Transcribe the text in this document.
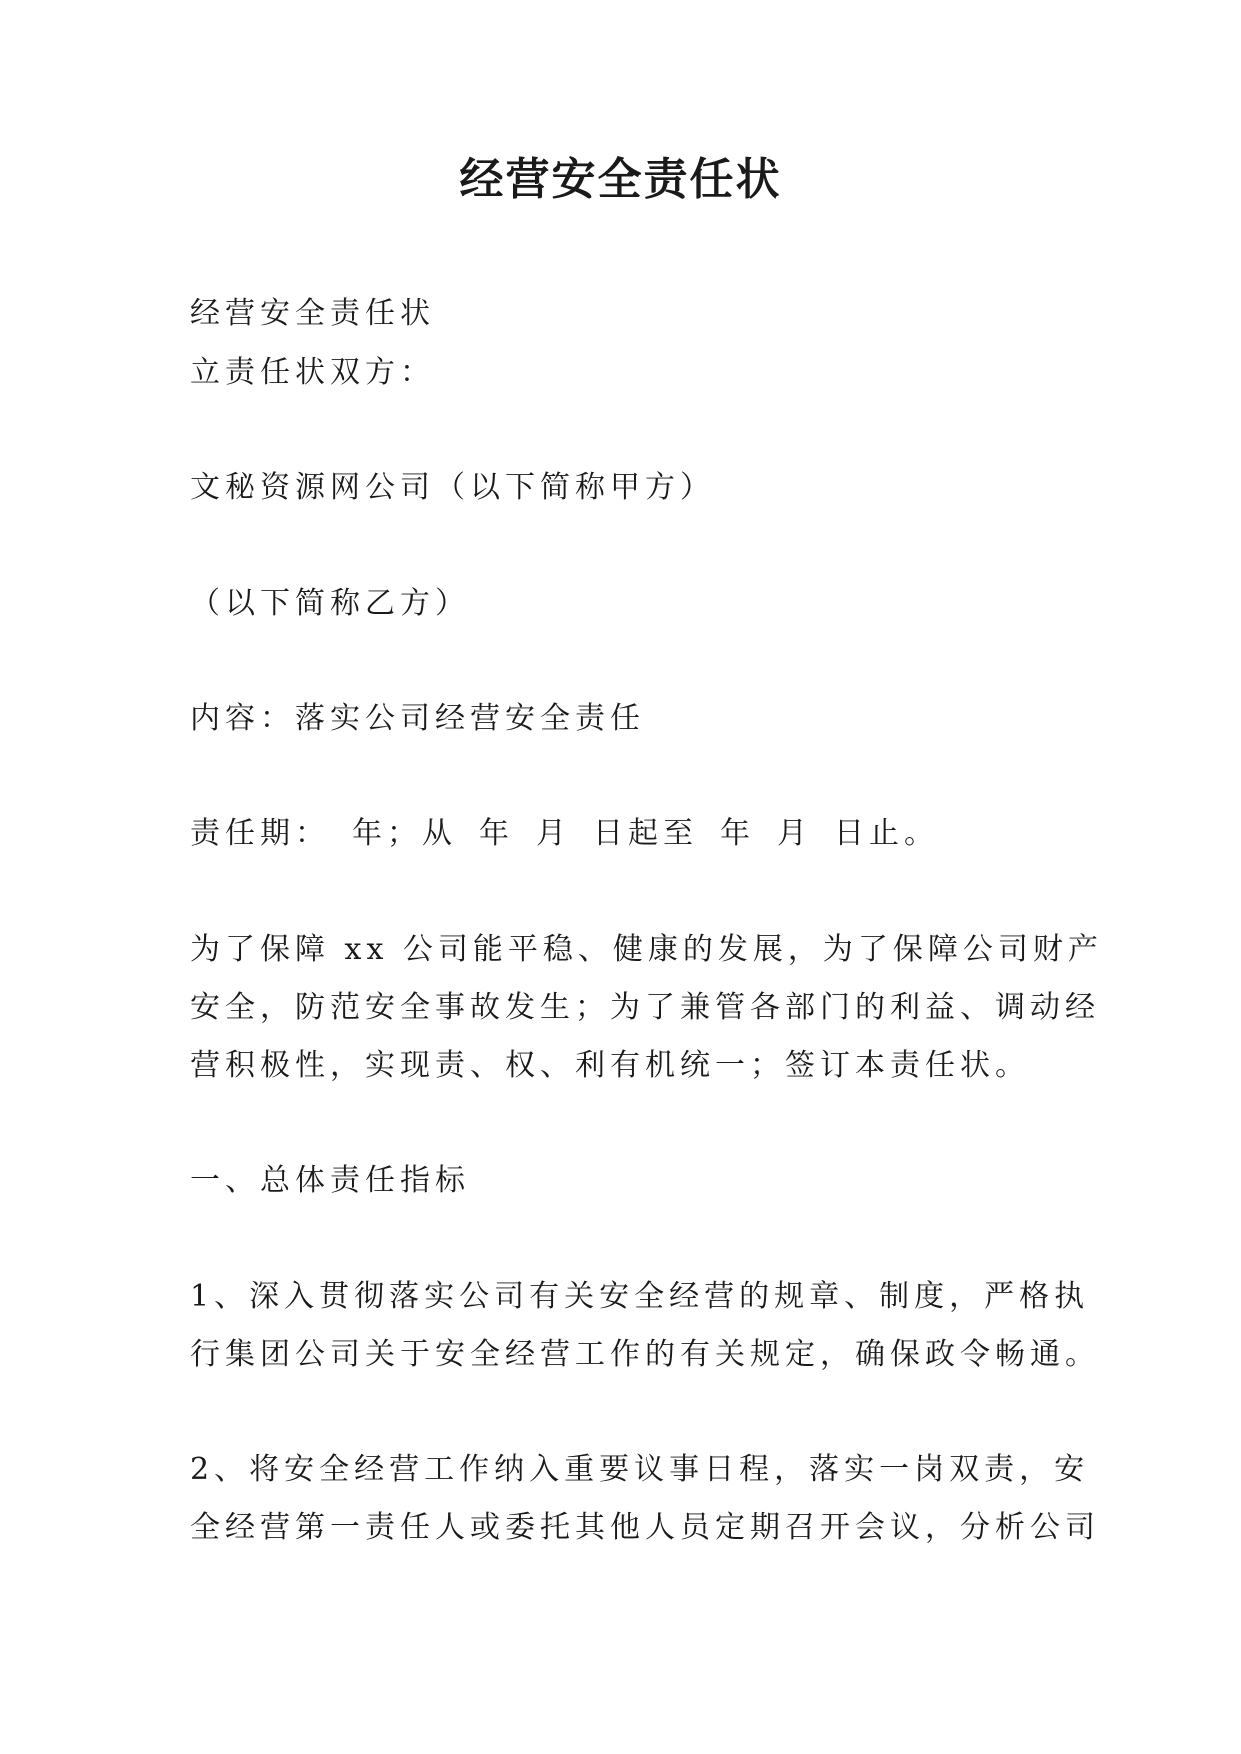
经营安全责任状
经营安全责任状
立责任状双方：
文秘资源网公司（以下简称甲方）
（以下简称乙方）
内容：落实公司经营安全责任
责任期： 年；从 年 月 日起至 年 月 日止。
为了保障 xx 公司能平稳、健康的发展，为了保障公司财产
安全，防范安全事故发生；为了兼管各部门的利益、调动经
营积极性，实现责、权、利有机统一；签订本责任状。
一、总体责任指标
1、深入贯彻落实公司有关安全经营的规章、制度，严格执
行集团公司关于安全经营工作的有关规定，确保政令畅通。
2、将安全经营工作纳入重要议事日程，落实一岗双责，安
全经营第一责任人或委托其他人员定期召开会议，分析公司
